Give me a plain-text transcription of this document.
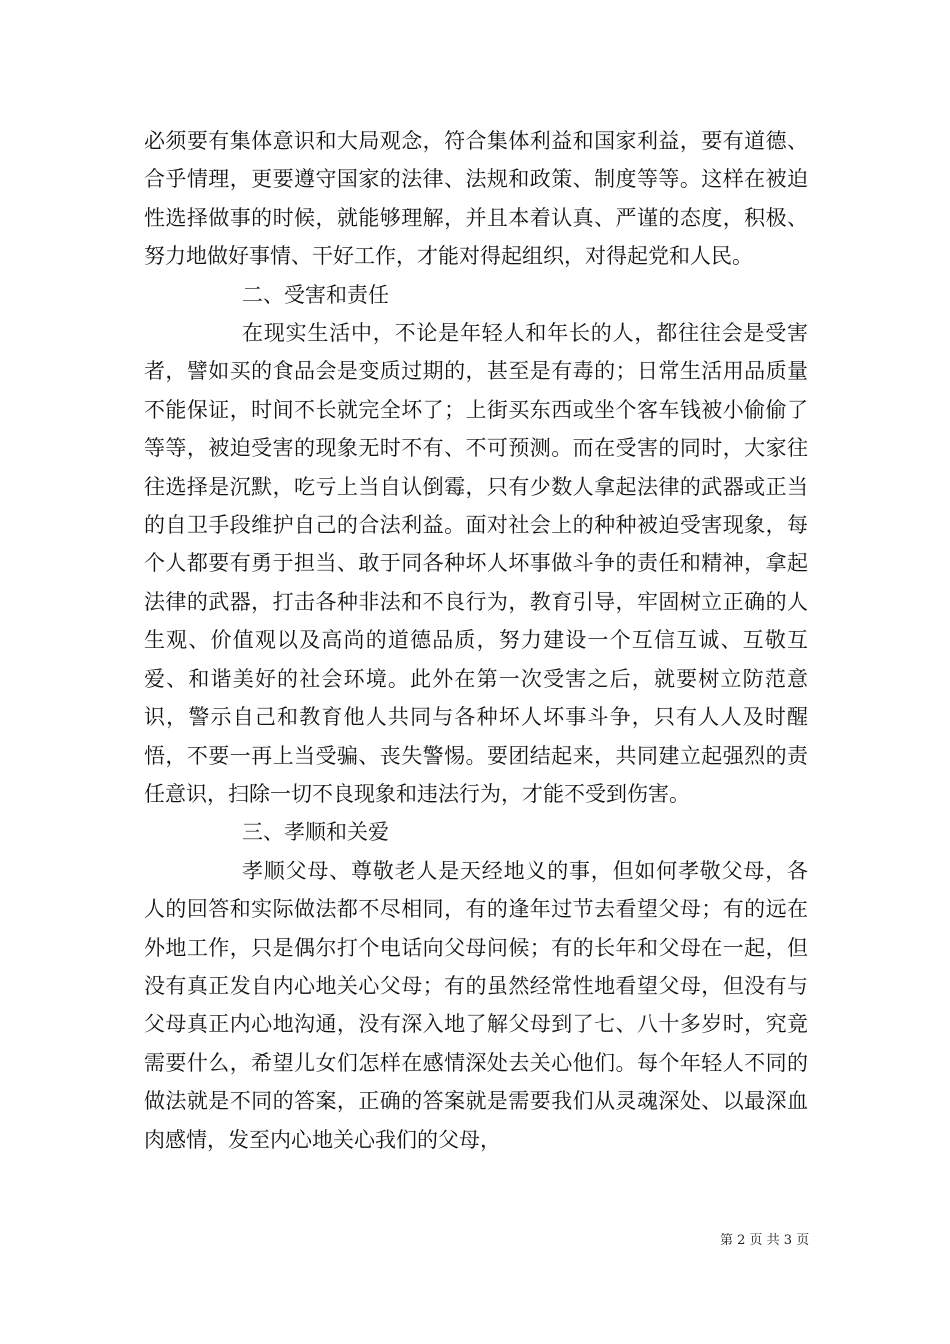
必须要有集体意识和大局观念，符合集体利益和国家利益，要有道德、合乎情理，更要遵守国家的法律、法规和政策、制度等等。这样在被迫性选择做事的时候，就能够理解，并且本着认真、严谨的态度，积极、努力地做好事情、干好工作，才能对得起组织，对得起党和人民。

二、受害和责任

在现实生活中，不论是年轻人和年长的人，都往往会是受害者，譬如买的食品会是变质过期的，甚至是有毒的；日常生活用品质量不能保证，时间不长就完全坏了；上街买东西或坐个客车钱被小偷偷了等等，被迫受害的现象无时不有、不可预测。而在受害的同时，大家往往选择是沉默，吃亏上当自认倒霉，只有少数人拿起法律的武器或正当的自卫手段维护自己的合法利益。面对社会上的种种被迫受害现象，每个人都要有勇于担当、敢于同各种坏人坏事做斗争的责任和精神，拿起法律的武器，打击各种非法和不良行为，教育引导，牢固树立正确的人生观、价值观以及高尚的道德品质，努力建设一个互信互诚、互敬互爱、和谐美好的社会环境。此外在第一次受害之后，就要树立防范意识，警示自己和教育他人共同与各种坏人坏事斗争，只有人人及时醒悟，不要一再上当受骗、丧失警惕。要团结起来，共同建立起强烈的责任意识，扫除一切不良现象和违法行为，才能不受到伤害。

三、孝顺和关爱

孝顺父母、尊敬老人是天经地义的事，但如何孝敬父母，各人的回答和实际做法都不尽相同，有的逢年过节去看望父母；有的远在外地工作，只是偶尔打个电话向父母问候；有的长年和父母在一起，但没有真正发自内心地关心父母；有的虽然经常性地看望父母，但没有与父母真正内心地沟通，没有深入地了解父母到了七、八十多岁时，究竟需要什么，希望儿女们怎样在感情深处去关心他们。每个年轻人不同的做法就是不同的答案，正确的答案就是需要我们从灵魂深处、以最深血肉感情，发至内心地关心我们的父母，

第 2 页 共 3 页
